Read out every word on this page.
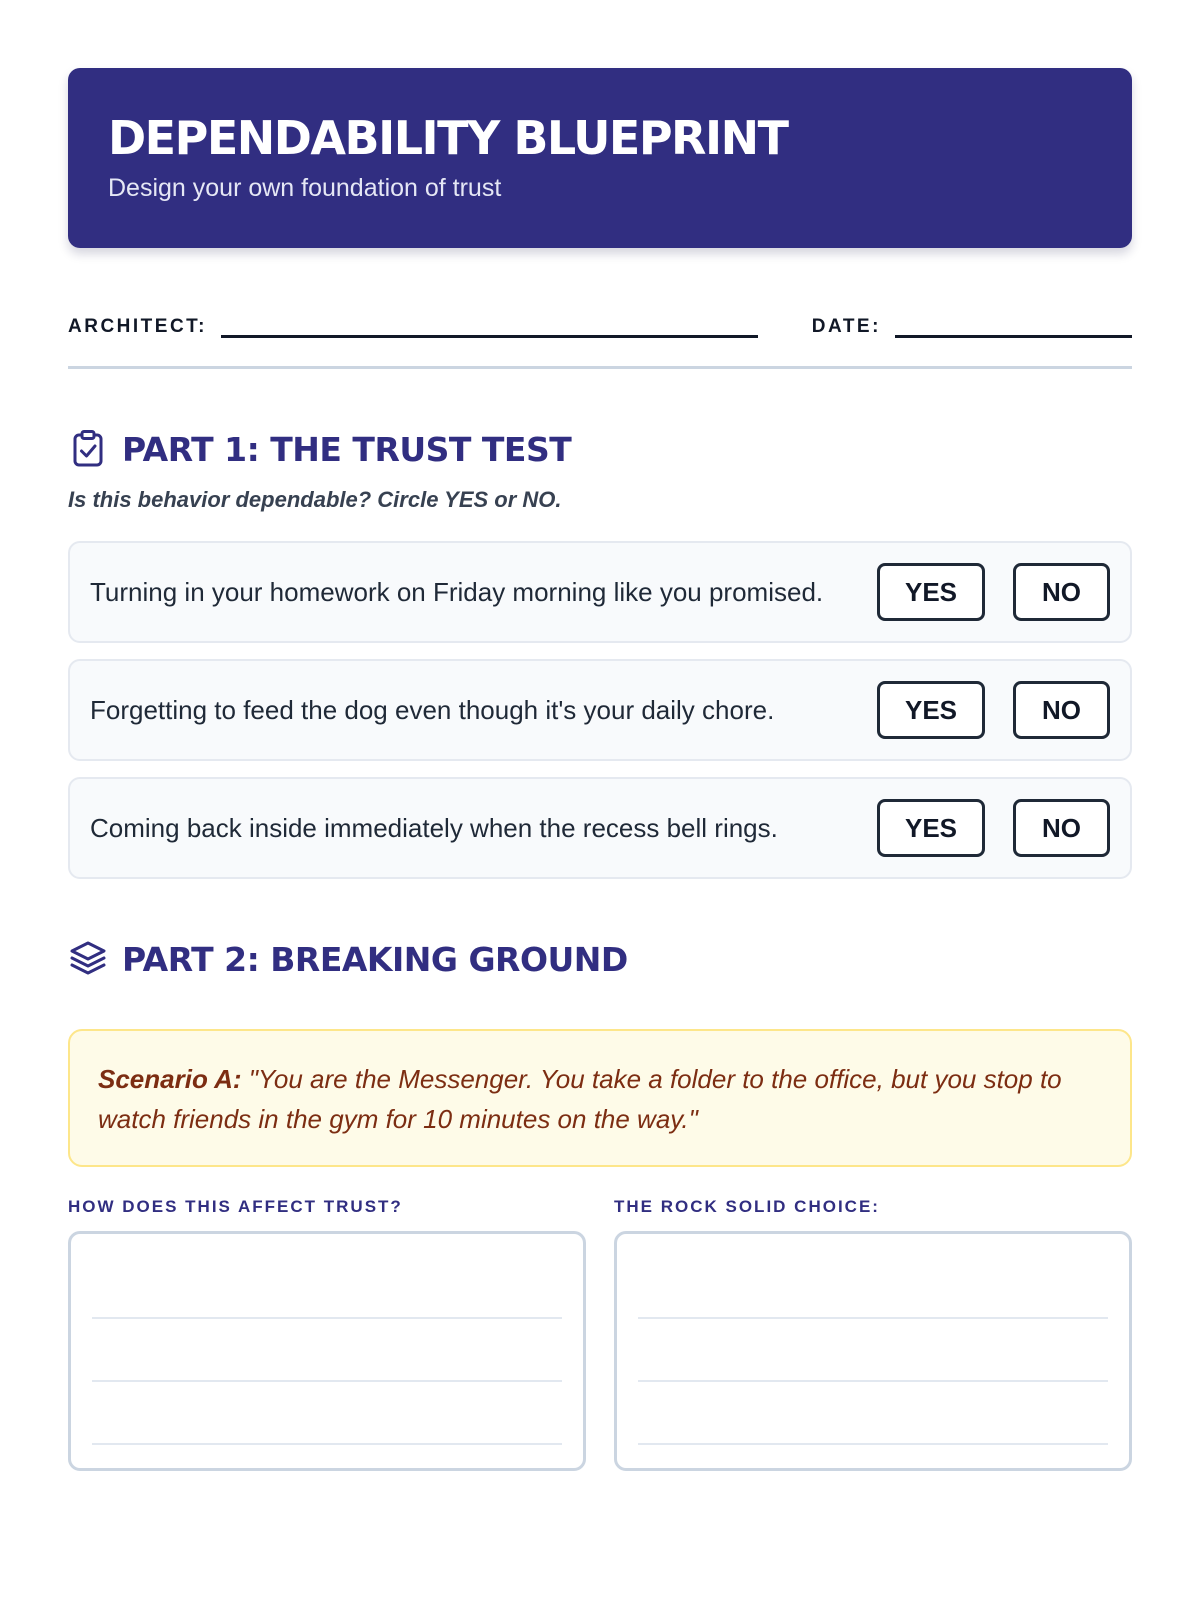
DEPENDABILITY BLUEPRINT
Design your own foundation of trust
ARCHITECT:	DATE:
PART 1: THE TRUST TEST
Is this behavior dependable? Circle YES or NO.
Turning in your homework on Friday morning like you promised.	YES	NO
Forgetting to feed the dog even though it's your daily chore.	YES	NO
Coming back inside immediately when the recess bell rings.	YES	NO
PART 2: BREAKING GROUND
Scenario A: "You are the Messenger. You take a folder to the office, but you stop to watch friends in the gym for 10 minutes on the way."
HOW DOES THIS AFFECT TRUST?	THE ROCK SOLID CHOICE:
